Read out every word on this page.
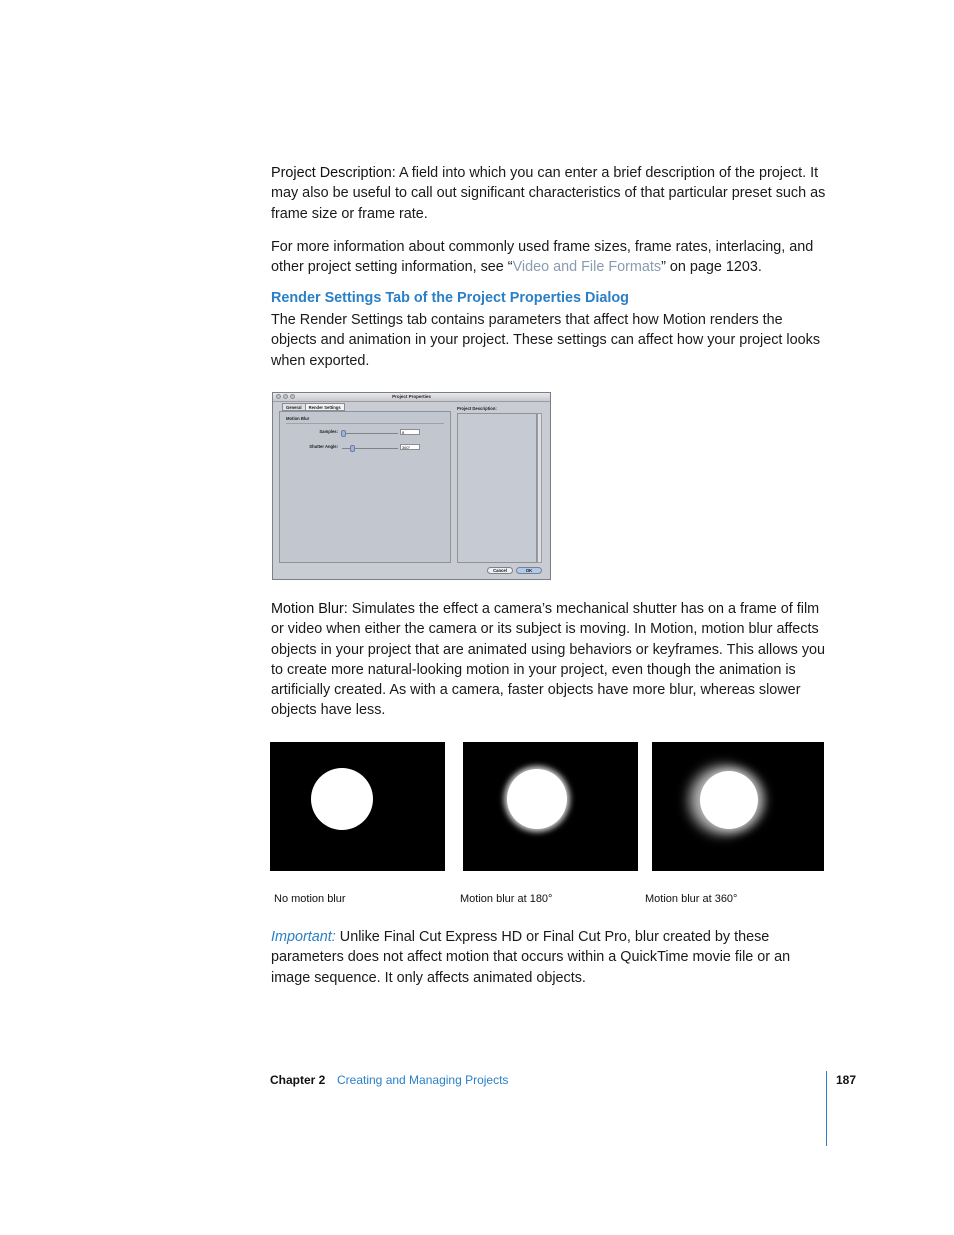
Project Description: A field into which you can enter a brief description of the project. It may also be useful to call out significant characteristics of that particular preset such as frame size or frame rate.

For more information about commonly used frame sizes, frame rates, interlacing, and other project setting information, see “Video and File Formats” on page 1203.

Render Settings Tab of the Project Properties Dialog

The Render Settings tab contains parameters that affect how Motion renders the objects and animation in your project. These settings can affect how your project looks when exported.

Project Properties
General	Render Settings
Motion Blur
Samples:	8
Shutter Angle:	360°
Project Description:
Cancel	OK

Motion Blur: Simulates the effect a camera’s mechanical shutter has on a frame of film or video when either the camera or its subject is moving. In Motion, motion blur affects objects in your project that are animated using behaviors or keyframes. This allows you to create more natural-looking motion in your project, even though the animation is artificially created. As with a camera, faster objects have more blur, whereas slower objects have less.

No motion blur	Motion blur at 180°	Motion blur at 360°

Important: Unlike Final Cut Express HD or Final Cut Pro, blur created by these parameters does not affect motion that occurs within a QuickTime movie file or an image sequence. It only affects animated objects.

Chapter 2 Creating and Managing Projects	187
